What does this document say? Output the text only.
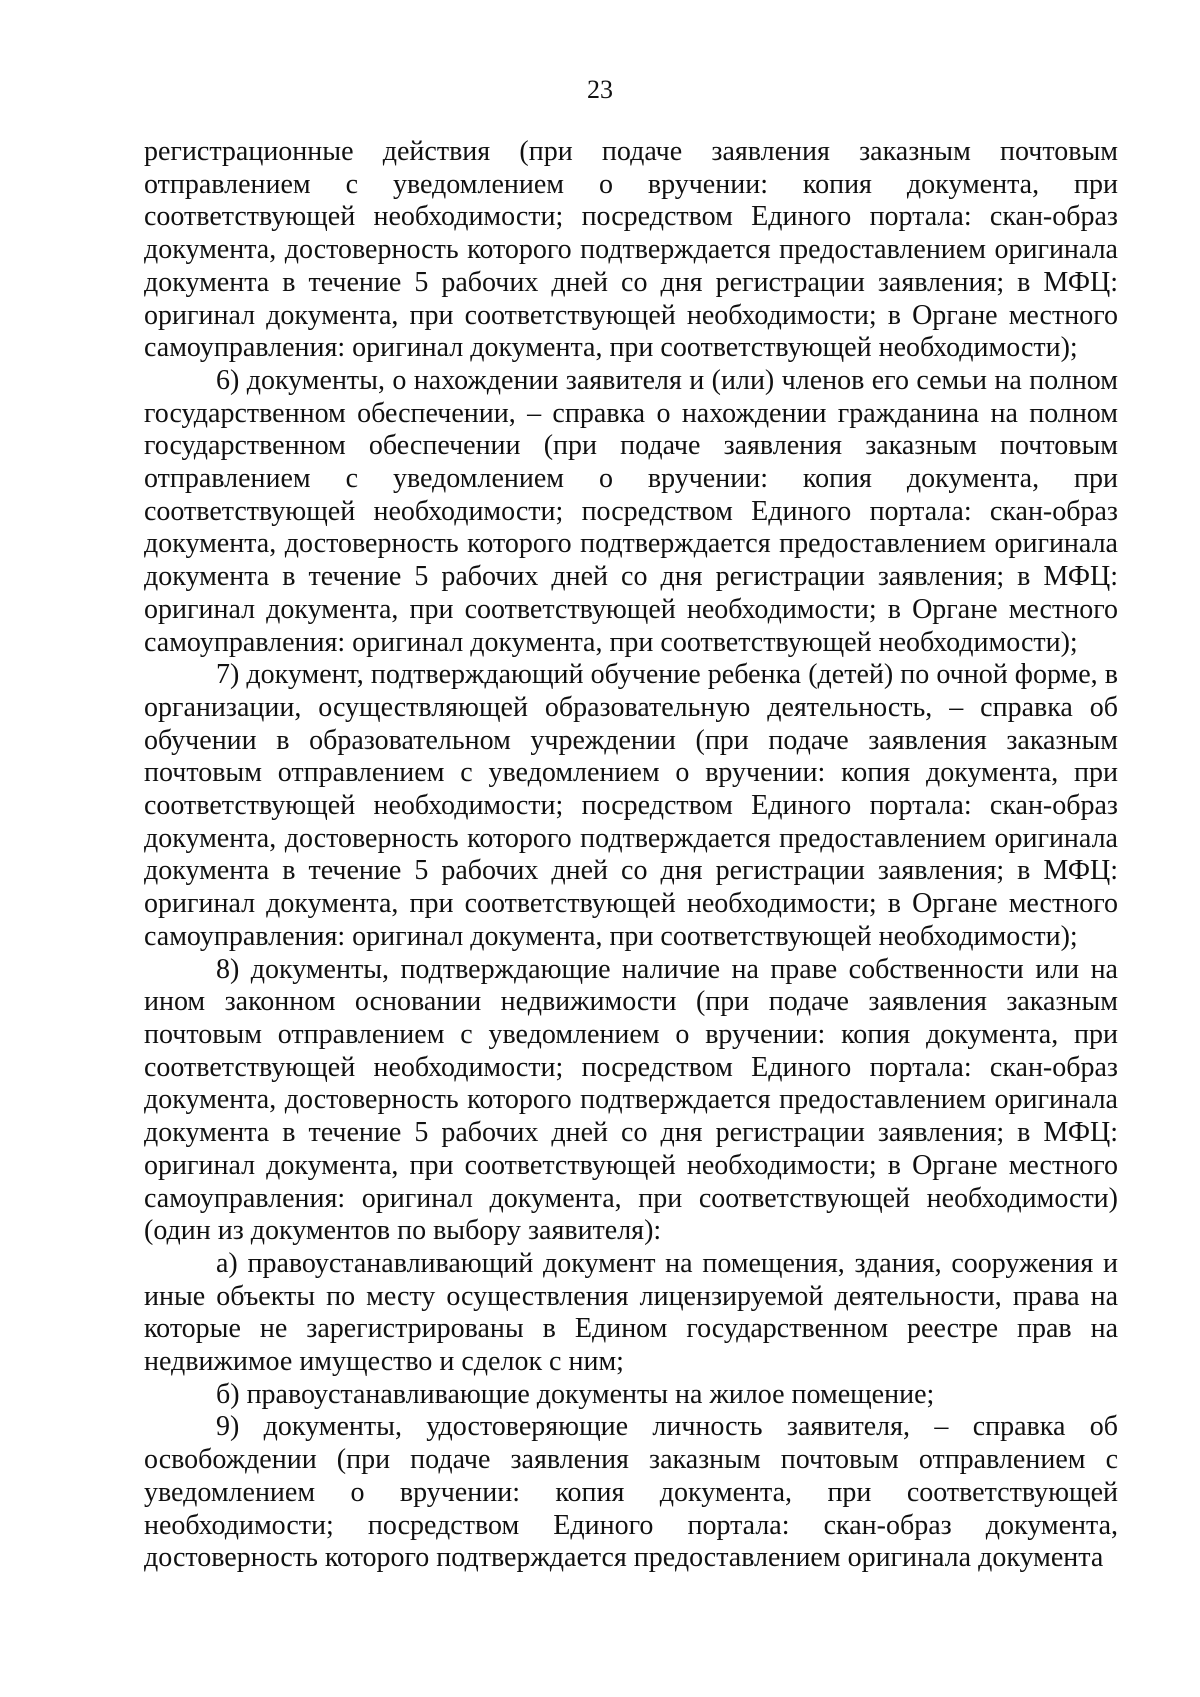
23

регистрационные действия (при подаче заявления заказным почтовым отправлением с уведомлением о вручении: копия документа, при соответствующей необходимости; посредством Единого портала: скан-образ документа, достоверность которого подтверждается предоставлением оригинала документа в течение 5 рабочих дней со дня регистрации заявления; в МФЦ: оригинал документа, при соответствующей необходимости; в Органе местного самоуправления: оригинал документа, при соответствующей необходимости);

6) документы, о нахождении заявителя и (или) членов его семьи на полном государственном обеспечении, – справка о нахождении гражданина на полном государственном обеспечении (при подаче заявления заказным почтовым отправлением с уведомлением о вручении: копия документа, при соответствующей необходимости; посредством Единого портала: скан-образ документа, достоверность которого подтверждается предоставлением оригинала документа в течение 5 рабочих дней со дня регистрации заявления; в МФЦ: оригинал документа, при соответствующей необходимости; в Органе местного самоуправления: оригинал документа, при соответствующей необходимости);

7) документ, подтверждающий обучение ребенка (детей) по очной форме, в организации, осуществляющей образовательную деятельность, – справка об обучении в образовательном учреждении (при подаче заявления заказным почтовым отправлением с уведомлением о вручении: копия документа, при соответствующей необходимости; посредством Единого портала: скан-образ документа, достоверность которого подтверждается предоставлением оригинала документа в течение 5 рабочих дней со дня регистрации заявления; в МФЦ: оригинал документа, при соответствующей необходимости; в Органе местного самоуправления: оригинал документа, при соответствующей необходимости);

8) документы, подтверждающие наличие на праве собственности или на ином законном основании недвижимости (при подаче заявления заказным почтовым отправлением с уведомлением о вручении: копия документа, при соответствующей необходимости; посредством Единого портала: скан-образ документа, достоверность которого подтверждается предоставлением оригинала документа в течение 5 рабочих дней со дня регистрации заявления; в МФЦ: оригинал документа, при соответствующей необходимости; в Органе местного самоуправления: оригинал документа, при соответствующей необходимости) (один из документов по выбору заявителя):

а) правоустанавливающий документ на помещения, здания, сооружения и иные объекты по месту осуществления лицензируемой деятельности, права на которые не зарегистрированы в Едином государственном реестре прав на недвижимое имущество и сделок с ним;

б) правоустанавливающие документы на жилое помещение;

9) документы, удостоверяющие личность заявителя, – справка об освобождении (при подаче заявления заказным почтовым отправлением с уведомлением о вручении: копия документа, при соответствующей необходимости; посредством Единого портала: скан-образ документа, достоверность которого подтверждается предоставлением оригинала документа
